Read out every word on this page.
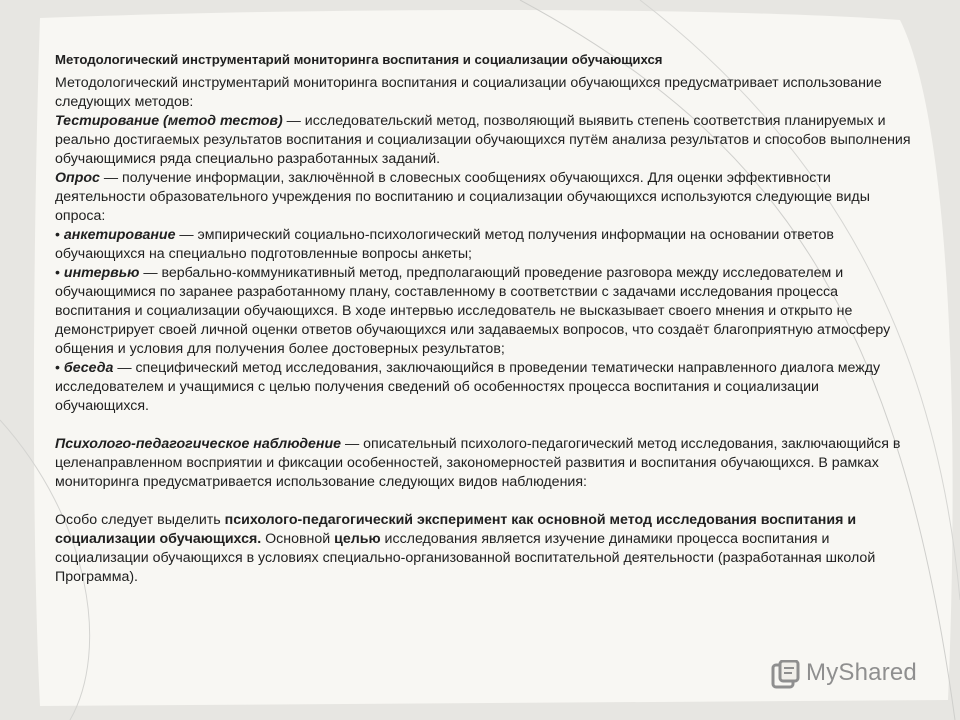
Методологический инструментарий мониторинга воспитания и социализации обучающихся

Методологический инструментарий мониторинга воспитания и социализации обучающихся предусматривает использование следующих методов:

Тестирование (метод тестов) — исследовательский метод, позволяющий выявить степень соответствия планируемых и реально достигаемых результатов воспитания и социализации обучающихся путём анализа результатов и способов выполнения обучающимися ряда специально разработанных заданий.

Опрос — получение информации, заключённой в словесных сообщениях обучающихся. Для оценки эффективности деятельности образовательного учреждения по воспитанию и социализации обучающихся используются следующие виды опроса:

• анкетирование — эмпирический социально-психологический метод получения информации на основании ответов обучающихся на специально подготовленные вопросы анкеты;

• интервью — вербально-коммуникативный метод, предполагающий проведение разговора между исследователем и обучающимися по заранее разработанному плану, составленному в соответствии с задачами исследования процесса воспитания и социализации обучающихся. В ходе интервью исследователь не высказывает своего мнения и открыто не демонстрирует своей личной оценки ответов обучающихся или задаваемых вопросов, что создаёт благоприятную атмосферу общения и условия для получения более достоверных результатов;

• беседа — специфический метод исследования, заключающийся в проведении тематически направленного диалога между исследователем и учащимися с целью получения сведений об особенностях процесса воспитания и социализации обучающихся.

Психолого-педагогическое наблюдение — описательный психолого-педагогический метод исследования, заключающийся в целенаправленном восприятии и фиксации особенностей, закономерностей развития и воспитания обучающихся. В рамках мониторинга предусматривается использование следующих видов наблюдения:

Особо следует выделить психолого-педагогический эксперимент как основной метод исследования воспитания и социализации обучающихся. Основной целью исследования является изучение динамики процесса воспитания и социализации обучающихся в условиях специально-организованной воспитательной деятельности (разработанная школой Программа).

MyShared
